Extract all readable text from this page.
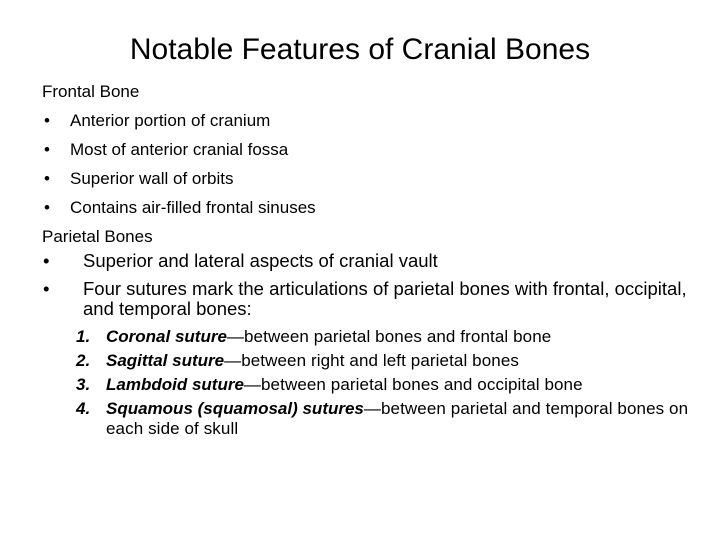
Notable Features of Cranial Bones
Frontal Bone
• Anterior portion of cranium
• Most of anterior cranial fossa
• Superior wall of orbits
• Contains air-filled frontal sinuses
Parietal Bones
• Superior and lateral aspects of cranial vault
• Four sutures mark the articulations of parietal bones with frontal, occipital, and temporal bones:
1. Coronal suture—between parietal bones and frontal bone
2. Sagittal suture—between right and left parietal bones
3. Lambdoid suture—between parietal bones and occipital bone
4. Squamous (squamosal) sutures—between parietal and temporal bones on each side of skull
